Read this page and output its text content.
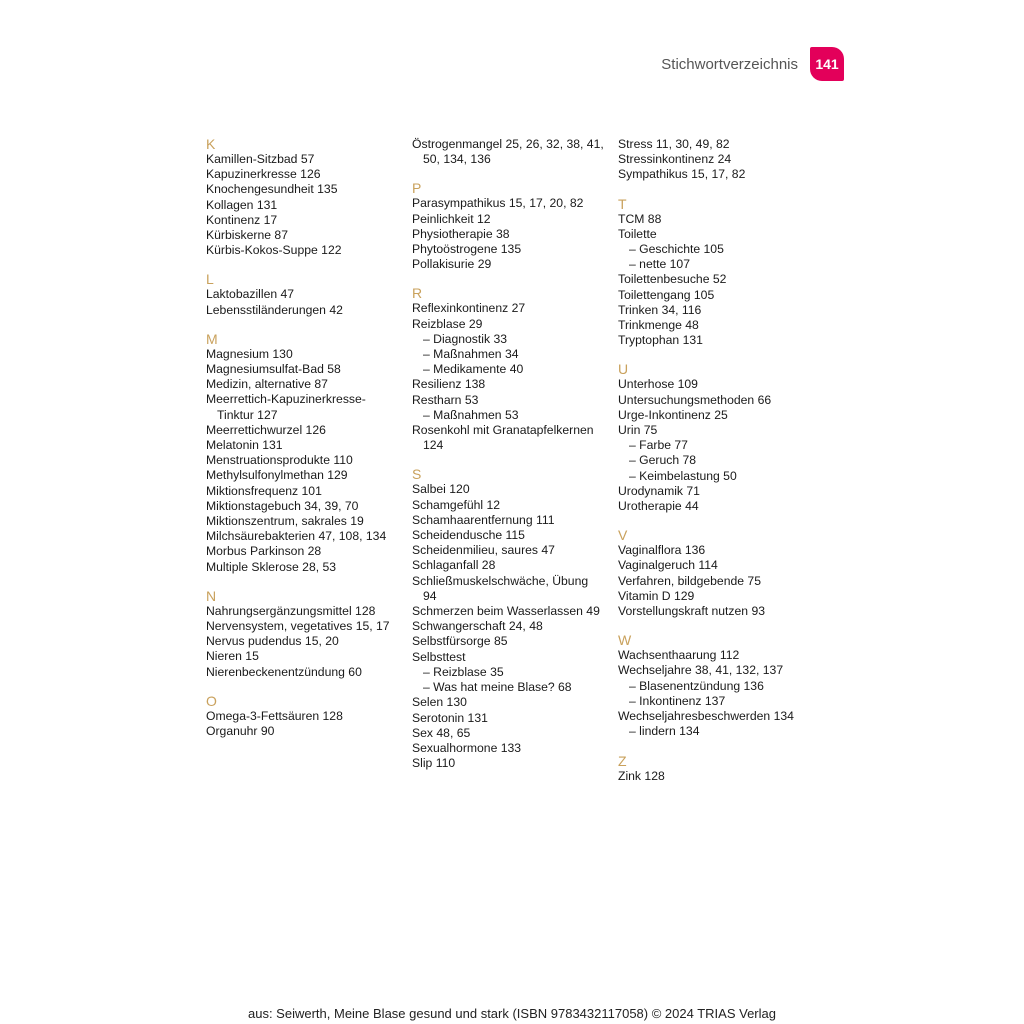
Stichwortverzeichnis	141
K
Kamillen-Sitzbad 57
Kapuzinerkresse 126
Knochengesundheit 135
Kollagen 131
Kontinenz 17
Kürbiskerne 87
Kürbis-Kokos-Suppe 122
L
Laktobazillen 47
Lebensstiländerungen 42
M
Magnesium 130
Magnesiumsulfat-Bad 58
Medizin, alternative 87
Meerrettich-Kapuzinerkresse-Tinktur 127
Meerrettichwurzel 126
Melatonin 131
Menstruationsprodukte 110
Methylsulfonylmethan 129
Miktionsfrequenz 101
Miktionstagebuch 34, 39, 70
Miktionszentrum, sakrales 19
Milchsäurebakterien 47, 108, 134
Morbus Parkinson 28
Multiple Sklerose 28, 53
N
Nahrungsergänzungsmittel 128
Nervensystem, vegetatives 15, 17
Nervus pudendus 15, 20
Nieren 15
Nierenbeckenentzündung 60
O
Omega-3-Fettsäuren 128
Organuhr 90
Östrogenmangel 25, 26, 32, 38, 41, 50, 134, 136
P
Parasympathikus 15, 17, 20, 82
Peinlichkeit 12
Physiotherapie 38
Phytoöstrogene 135
Pollakisurie 29
R
Reflexinkontinenz 27
Reizblase 29
– Diagnostik 33
– Maßnahmen 34
– Medikamente 40
Resilienz 138
Restharn 53
– Maßnahmen 53
Rosenkohl mit Granatapfelkernen 124
S
Salbei 120
Schamgefühl 12
Schamhaarentfernung 111
Scheidendusche 115
Scheidenmilieu, saures 47
Schlaganfall 28
Schließmuskelschwäche, Übung 94
Schmerzen beim Wasserlassen 49
Schwangerschaft 24, 48
Selbstfürsorge 85
Selbsttest
– Reizblase 35
– Was hat meine Blase? 68
Selen 130
Serotonin 131
Sex 48, 65
Sexualhormone 133
Slip 110
Stress 11, 30, 49, 82
Stressinkontinenz 24
Sympathikus 15, 17, 82
T
TCM 88
Toilette
– Geschichte 105
– nette 107
Toilettenbesuche 52
Toilettengang 105
Trinken 34, 116
Trinkmenge 48
Tryptophan 131
U
Unterhose 109
Untersuchungsmethoden 66
Urge-Inkontinenz 25
Urin 75
– Farbe 77
– Geruch 78
– Keimbelastung 50
Urodynamik 71
Urotherapie 44
V
Vaginalflora 136
Vaginalgeruch 114
Verfahren, bildgebende 75
Vitamin D 129
Vorstellungskraft nutzen 93
W
Wachsenthaarung 112
Wechseljahre 38, 41, 132, 137
– Blasenentzündung 136
– Inkontinenz 137
Wechseljahresbeschwerden 134
– lindern 134
Z
Zink 128
aus: Seiwerth, Meine Blase gesund und stark (ISBN 9783432117058) © 2024 TRIAS Verlag
